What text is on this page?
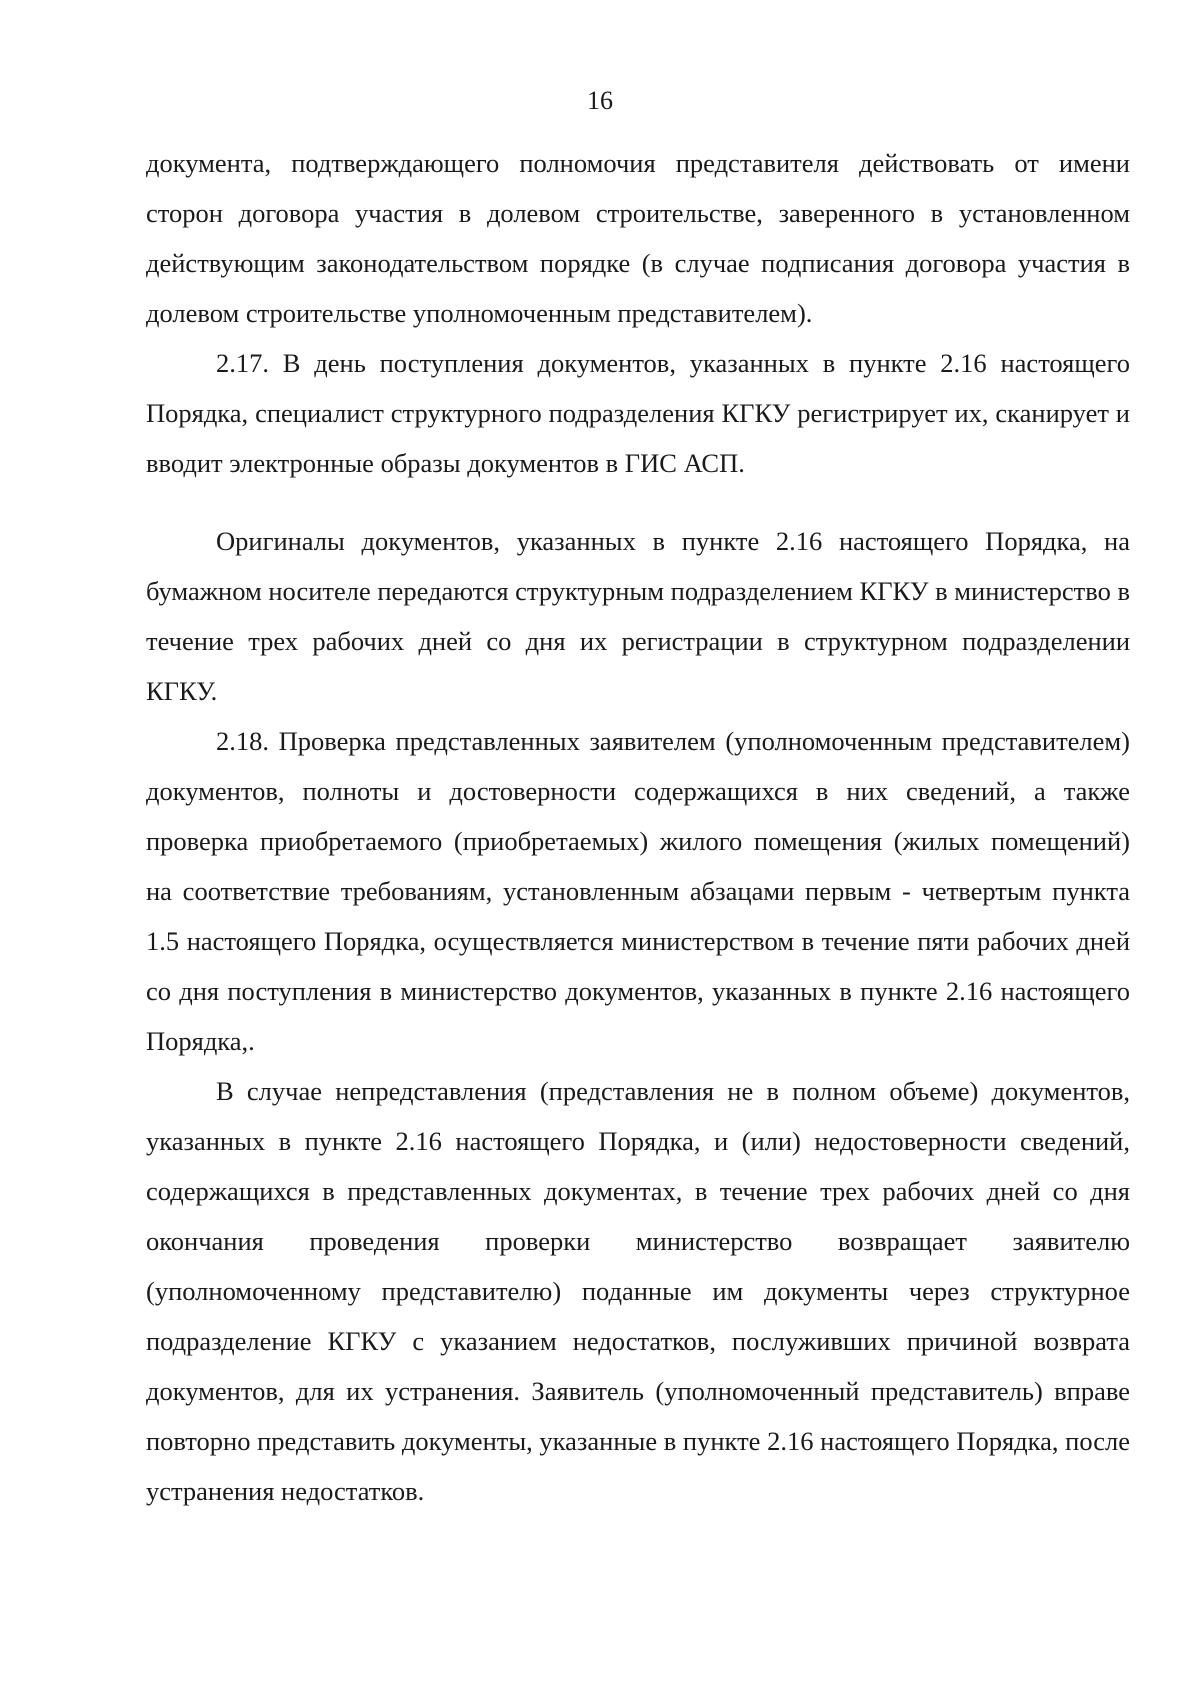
16

документа, подтверждающего полномочия представителя действовать от имени сторон договора участия в долевом строительстве, заверенного в установленном действующим законодательством порядке (в случае подписания договора участия в долевом строительстве уполномоченным представителем).

2.17. В день поступления документов, указанных в пункте 2.16 настоящего Порядка, специалист структурного подразделения КГКУ регистрирует их, сканирует и вводит электронные образы документов в ГИС АСП.

Оригиналы документов, указанных в пункте 2.16 настоящего Порядка, на бумажном носителе передаются структурным подразделением КГКУ в министерство в течение трех рабочих дней со дня их регистрации в структурном подразделении КГКУ.

2.18. Проверка представленных заявителем (уполномоченным представителем) документов, полноты и достоверности содержащихся в них сведений, а также проверка приобретаемого (приобретаемых) жилого помещения (жилых помещений) на соответствие требованиям, установленным абзацами первым - четвертым пункта 1.5 настоящего Порядка, осуществляется министерством в течение пяти рабочих дней со дня поступления в министерство документов, указанных в пункте 2.16 настоящего Порядка,.

В случае непредставления (представления не в полном объеме) документов, указанных в пункте 2.16 настоящего Порядка, и (или) недостоверности сведений, содержащихся в представленных документах, в течение трех рабочих дней со дня окончания проведения проверки министерство возвращает заявителю (уполномоченному представителю) поданные им документы через структурное подразделение КГКУ с указанием недостатков, послуживших причиной возврата документов, для их устранения. Заявитель (уполномоченный представитель) вправе повторно представить документы, указанные в пункте 2.16 настоящего Порядка, после устранения недостатков.
